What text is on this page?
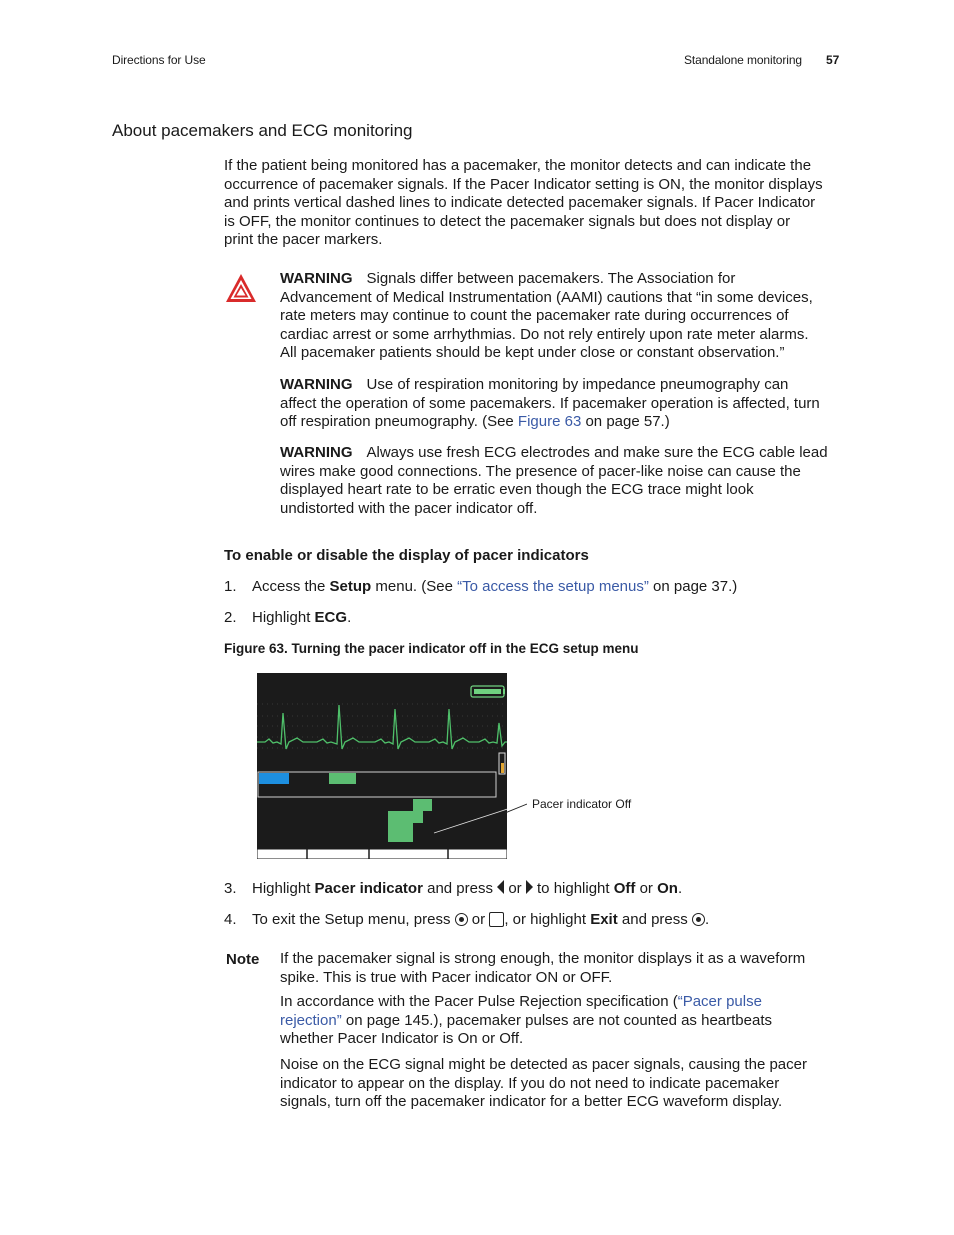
Directions for Use	Standalone monitoring 57
About pacemakers and ECG monitoring
If the patient being monitored has a pacemaker, the monitor detects and can indicate the
occurrence of pacemaker signals. If the Pacer Indicator setting is ON, the monitor displays
and prints vertical dashed lines to indicate detected pacemaker signals. If Pacer Indicator
is OFF, the monitor continues to detect the pacemaker signals but does not display or
print the pacer markers.
WARNING Signals differ between pacemakers. The Association for
Advancement of Medical Instrumentation (AAMI) cautions that “in some devices,
rate meters may continue to count the pacemaker rate during occurrences of
cardiac arrest or some arrhythmias. Do not rely entirely upon rate meter alarms.
All pacemaker patients should be kept under close or constant observation.”
WARNING Use of respiration monitoring by impedance pneumography can
affect the operation of some pacemakers. If pacemaker operation is affected, turn
off respiration pneumography. (See Figure 63 on page 57.)
WARNING Always use fresh ECG electrodes and make sure the ECG cable lead
wires make good connections. The presence of pacer-like noise can cause the
displayed heart rate to be erratic even though the ECG trace might look
undistorted with the pacer indicator off.
To enable or disable the display of pacer indicators
1. Access the Setup menu. (See “To access the setup menus” on page 37.)
2. Highlight ECG.
Figure 63. Turning the pacer indicator off in the ECG setup menu
Pacer indicator Off
3. Highlight Pacer indicator and press  or  to highlight Off or On.
4. To exit the Setup menu, press  or , or highlight Exit and press .
Note If the pacemaker signal is strong enough, the monitor displays it as a waveform
spike. This is true with Pacer indicator ON or OFF.
In accordance with the Pacer Pulse Rejection specification (“Pacer pulse
rejection” on page 145.), pacemaker pulses are not counted as heartbeats
whether Pacer Indicator is On or Off.
Noise on the ECG signal might be detected as pacer signals, causing the pacer
indicator to appear on the display. If you do not need to indicate pacemaker
signals, turn off the pacemaker indicator for a better ECG waveform display.
